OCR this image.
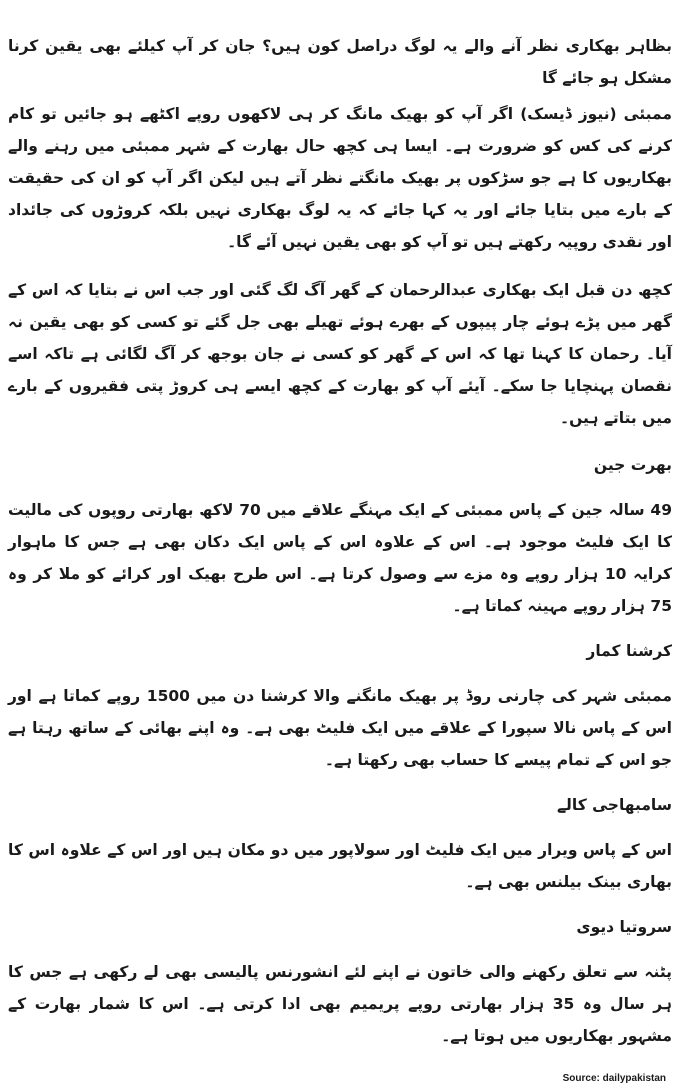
بظاہر بھکاری نظر آنے والے یہ لوگ دراصل کون ہیں؟ جان کر آپ کیلئے بھی یقین کرنا مشکل ہو جائے گا

ممبئی (نیوز ڈیسک) اگر آپ کو بھیک مانگ کر ہی لاکھوں روپے اکٹھے ہو جائیں تو کام کرنے کی کس کو ضرورت ہے۔ ایسا ہی کچھ حال بھارت کے شہر ممبئی میں رہنے والے بھکاریوں کا ہے جو سڑکوں پر بھیک مانگتے نظر آتے ہیں لیکن اگر آپ کو ان کی حقیقت کے بارے میں بتایا جائے اور یہ کہا جائے کہ یہ لوگ بھکاری نہیں بلکہ کروڑوں کی جائداد اور نقدی روپیہ رکھتے ہیں تو آپ کو بھی یقین نہیں آئے گا۔

کچھ دن قبل ایک بھکاری عبدالرحمان کے گھر آگ لگ گئی اور جب اس نے بتایا کہ اس کے گھر میں پڑے ہوئے چار پیپوں کے بھرے ہوئے تھیلے بھی جل گئے تو کسی کو بھی یقین نہ آیا۔ رحمان کا کہنا تھا کہ اس کے گھر کو کسی نے جان بوجھ کر آگ لگائی ہے تاکہ اسے نقصان پہنچایا جا سکے۔ آیئے آپ کو بھارت کے کچھ ایسے ہی کروڑ پتی فقیروں کے بارے میں بتاتے ہیں۔

بھرت جین

49 سالہ جین کے پاس ممبئی کے ایک مہنگے علاقے میں 70 لاکھ بھارتی روپوں کی مالیت کا ایک فلیٹ موجود ہے۔ اس کے علاوہ اس کے پاس ایک دکان بھی ہے جس کا ماہوار کرایہ 10 ہزار روپے وہ مزے سے وصول کرتا ہے۔ اس طرح بھیک اور کرائے کو ملا کر وہ 75 ہزار روپے مہینہ کماتا ہے۔

کرشنا کمار

ممبئی شہر کی چارنی روڈ پر بھیک مانگنے والا کرشنا دن میں 1500 روپے کماتا ہے اور اس کے پاس نالا سپورا کے علاقے میں ایک فلیٹ بھی ہے۔ وہ اپنے بھائی کے ساتھ رہتا ہے جو اس کے تمام پیسے کا حساب بھی رکھتا ہے۔

سامبھاجی کالے

اس کے پاس ویرار میں ایک فلیٹ اور سولاپور میں دو مکان ہیں اور اس کے علاوہ اس کا بھاری بینک بیلنس بھی ہے۔

سروتیا دیوی

پٹنہ سے تعلق رکھنے والی خاتون نے اپنے لئے انشورنس پالیسی بھی لے رکھی ہے جس کا ہر سال وہ 35 ہزار بھارتی روپے پریمیم بھی ادا کرتی ہے۔ اس کا شمار بھارت کے مشہور بھکاریوں میں ہوتا ہے۔

Source: dailypakistan
